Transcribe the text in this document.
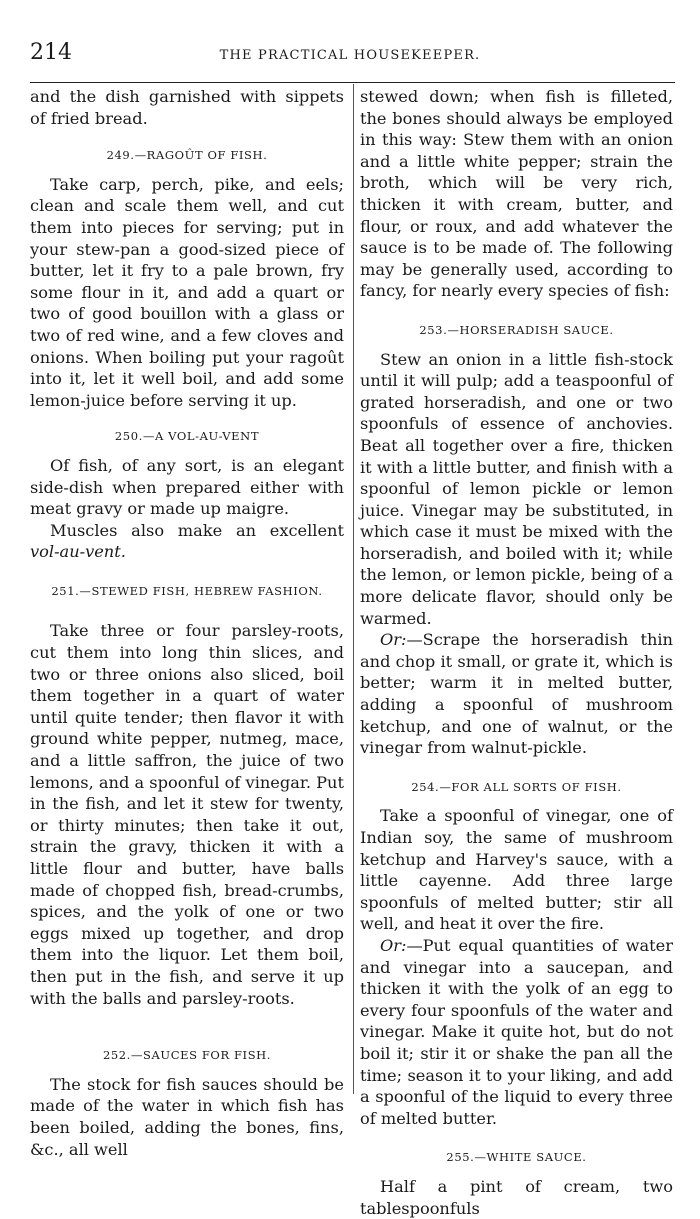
214	THE PRACTICAL HOUSEKEEPER.

and the dish garnished with sippets of fried bread.

249.—RAGOÛT OF FISH.

Take carp, perch, pike, and eels; clean and scale them well, and cut them into pieces for serving; put in your stew-pan a good-sized piece of butter, let it fry to a pale brown, fry some flour in it, and add a quart or two of good bouillon with a glass or two of red wine, and a few cloves and onions. When boiling put your ragoût into it, let it well boil, and add some lemon-juice before serving it up.

250.—A VOL-AU-VENT

Of fish, of any sort, is an elegant side-dish when prepared either with meat gravy or made up maigre.

Muscles also make an excellent vol-au-vent.

251.—STEWED FISH, HEBREW FASHION.

Take three or four parsley-roots, cut them into long thin slices, and two or three onions also sliced, boil them together in a quart of water until quite tender; then flavor it with ground white pepper, nutmeg, mace, and a little saffron, the juice of two lemons, and a spoonful of vinegar. Put in the fish, and let it stew for twenty, or thirty minutes; then take it out, strain the gravy, thicken it with a little flour and butter, have balls made of chopped fish, bread-crumbs, spices, and the yolk of one or two eggs mixed up together, and drop them into the liquor. Let them boil, then put in the fish, and serve it up with the balls and parsley-roots.

252.—SAUCES FOR FISH.

The stock for fish sauces should be made of the water in which fish has been boiled, adding the bones, fins, &c., all well

stewed down; when fish is filleted, the bones should always be employed in this way: Stew them with an onion and a little white pepper; strain the broth, which will be very rich, thicken it with cream, butter, and flour, or roux, and add whatever the sauce is to be made of. The following may be generally used, according to fancy, for nearly every species of fish:

253.—HORSERADISH SAUCE.

Stew an onion in a little fish-stock until it will pulp; add a teaspoonful of grated horseradish, and one or two spoonfuls of essence of anchovies. Beat all together over a fire, thicken it with a little butter, and finish with a spoonful of lemon pickle or lemon juice. Vinegar may be substituted, in which case it must be mixed with the horseradish, and boiled with it; while the lemon, or lemon pickle, being of a more delicate flavor, should only be warmed.

Or:—Scrape the horseradish thin and chop it small, or grate it, which is better; warm it in melted butter, adding a spoonful of mushroom ketchup, and one of walnut, or the vinegar from walnut-pickle.

254.—FOR ALL SORTS OF FISH.

Take a spoonful of vinegar, one of Indian soy, the same of mushroom ketchup and Harvey's sauce, with a little cayenne. Add three large spoonfuls of melted butter; stir all well, and heat it over the fire.

Or:—Put equal quantities of water and vinegar into a saucepan, and thicken it with the yolk of an egg to every four spoonfuls of the water and vinegar. Make it quite hot, but do not boil it; stir it or shake the pan all the time; season it to your liking, and add a spoonful of the liquid to every three of melted butter.

255.—WHITE SAUCE.

Half a pint of cream, two tablespoonfuls
